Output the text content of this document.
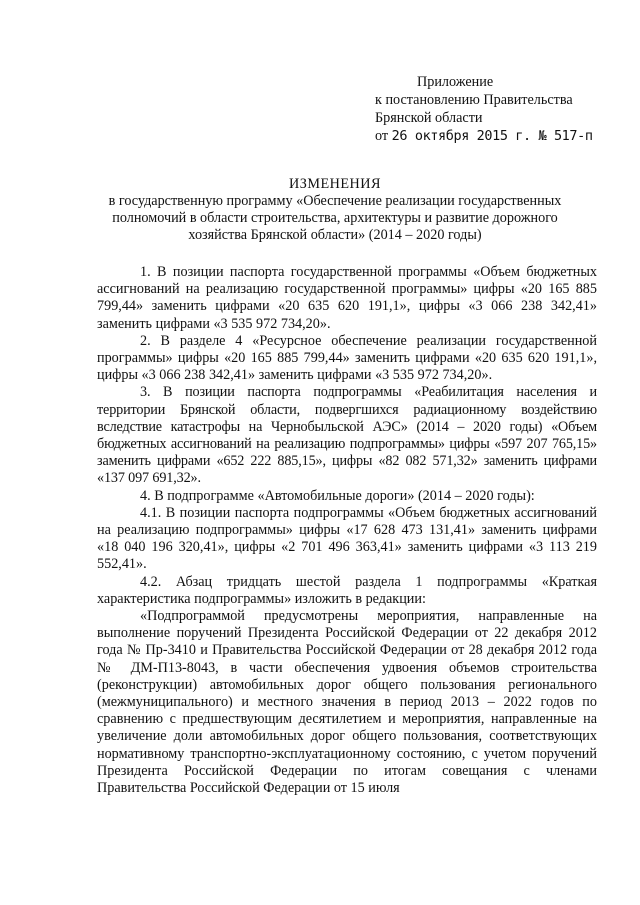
Приложение
к постановлению Правительства
Брянской области
от 26 октября 2015 г. № 517-п
ИЗМЕНЕНИЯ
в государственную программу «Обеспечение реализации государственных полномочий в области строительства, архитектуры и развитие дорожного хозяйства Брянской области» (2014 – 2020 годы)
1. В позиции паспорта государственной программы «Объем бюджетных ассигнований на реализацию государственной программы» цифры «20 165 885 799,44» заменить цифрами «20 635 620 191,1», цифры «3 066 238 342,41» заменить цифрами «3 535 972 734,20».
2. В разделе 4 «Ресурсное обеспечение реализации государственной программы» цифры «20 165 885 799,44» заменить цифрами «20 635 620 191,1», цифры «3 066 238 342,41» заменить цифрами «3 535 972 734,20».
3. В позиции паспорта подпрограммы «Реабилитация населения и территории Брянской области, подвергшихся радиационному воздействию вследствие катастрофы на Чернобыльской АЭС» (2014 – 2020 годы) «Объем бюджетных ассигнований на реализацию подпрограммы» цифры «597 207 765,15» заменить цифрами «652 222 885,15», цифры «82 082 571,32» заменить цифрами «137 097 691,32».
4. В подпрограмме «Автомобильные дороги» (2014 – 2020 годы):
4.1. В позиции паспорта подпрограммы «Объем бюджетных ассигнований на реализацию подпрограммы» цифры «17 628 473 131,41» заменить цифрами «18 040 196 320,41», цифры «2 701 496 363,41» заменить цифрами «3 113 219 552,41».
4.2. Абзац тридцать шестой раздела 1 подпрограммы «Краткая характеристика подпрограммы» изложить в редакции:
«Подпрограммой предусмотрены мероприятия, направленные на выполнение поручений Президента Российской Федерации от 22 декабря 2012 года № Пр-3410 и Правительства Российской Федерации от 28 декабря 2012 года № ДМ-П13-8043, в части обеспечения удвоения объемов строительства (реконструкции) автомобильных дорог общего пользования регионального (межмуниципального) и местного значения в период 2013 – 2022 годов по сравнению с предшествующим десятилетием и мероприятия, направленные на увеличение доли автомобильных дорог общего пользования, соответствующих нормативному транспортно-эксплуатационному состоянию, с учетом поручений Президента Российской Федерации по итогам совещания с членами Правительства Российской Федерации от 15 июля
